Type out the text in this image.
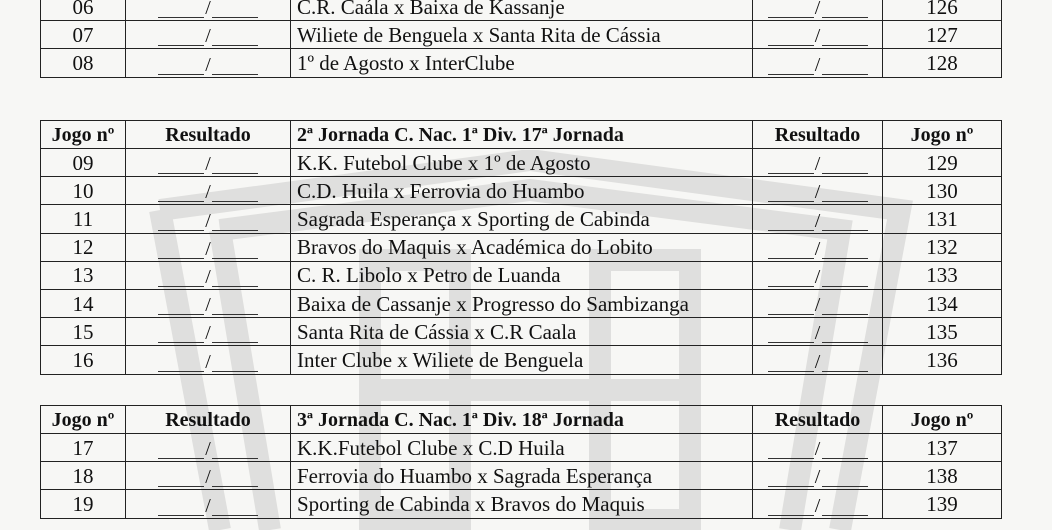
06	/	C.R. Caála x Baixa de Kassanje	/	126
07	/	Wiliete de Benguela x Santa Rita de Cássia	/	127
08	/	1º de Agosto x InterClube	/	128
Jogo nº	Resultado	2ª Jornada C. Nac. 1ª Div. 17ª Jornada	Resultado	Jogo nº
09	/	K.K. Futebol Clube x 1º de Agosto	/	129
10	/	C.D. Huila x Ferrovia do Huambo	/	130
11	/	Sagrada Esperança x Sporting de Cabinda	/	131
12	/	Bravos do Maquis x Académica do Lobito	/	132
13	/	C. R. Libolo x Petro de Luanda	/	133
14	/	Baixa de Cassanje x Progresso do Sambizanga	/	134
15	/	Santa Rita de Cássia x C.R Caala	/	135
16	/	Inter Clube x Wiliete de Benguela	/	136
Jogo nº	Resultado	3ª Jornada C. Nac. 1ª Div. 18ª Jornada	Resultado	Jogo nº
17	/	K.K.Futebol Clube x C.D Huila	/	137
18	/	Ferrovia do Huambo x Sagrada Esperança	/	138
19	/	Sporting de Cabinda x Bravos do Maquis	/	139
